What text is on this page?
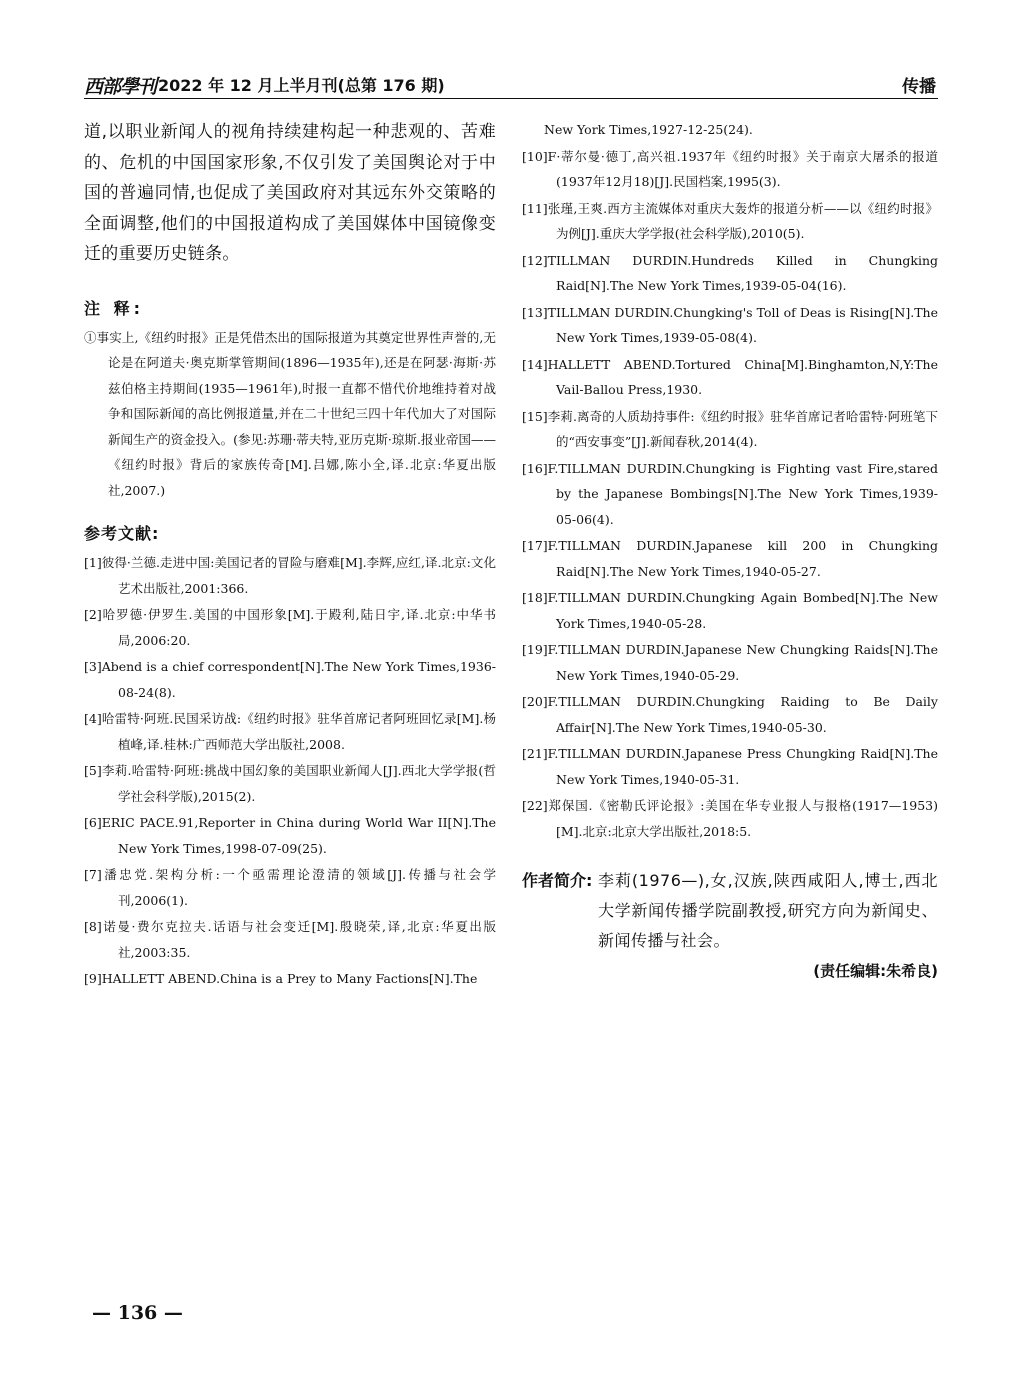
西部學刊 2022 年 12 月上半月刊(总第 176 期)	传播

道,以职业新闻人的视角持续建构起一种悲观的、苦难的、危机的中国国家形象,不仅引发了美国舆论对于中国的普遍同情,也促成了美国政府对其远东外交策略的全面调整,他们的中国报道构成了美国媒体中国镜像变迁的重要历史链条。

注 释:

①事实上,《纽约时报》正是凭借杰出的国际报道为其奠定世界性声誉的,无论是在阿道夫·奥克斯掌管期间(1896—1935年),还是在阿瑟·海斯·苏兹伯格主持期间(1935—1961年),时报一直都不惜代价地维持着对战争和国际新闻的高比例报道量,并在二十世纪三四十年代加大了对国际新闻生产的资金投入。(参见:苏珊·蒂夫特,亚历克斯·琼斯.报业帝国——《纽约时报》背后的家族传奇[M].吕娜,陈小全,译.北京:华夏出版社,2007.)

参考文献:
[1]彼得·兰德.走进中国:美国记者的冒险与磨难[M].李辉,应红,译.北京:文化艺术出版社,2001:366.
[2]哈罗德·伊罗生.美国的中国形象[M].于殿利,陆日宇,译.北京:中华书局,2006:20.
[3]Abend is a chief correspondent[N].The New York Times,1936-08-24(8).
[4]哈雷特·阿班.民国采访战:《纽约时报》驻华首席记者阿班回忆录[M].杨植峰,译.桂林:广西师范大学出版社,2008.
[5]李莉.哈雷特·阿班:挑战中国幻象的美国职业新闻人[J].西北大学学报(哲学社会科学版),2015(2).
[6]ERIC PACE.91,Reporter in China during World War II[N].The New York Times,1998-07-09(25).
[7]潘忠党.架构分析:一个亟需理论澄清的领域[J].传播与社会学刊,2006(1).
[8]诺曼·费尔克拉夫.话语与社会变迁[M].殷晓荣,译,北京:华夏出版社,2003:35.
[9]HALLETT ABEND.China is a Prey to Many Factions[N].The
New York Times,1927-12-25(24).
[10]F·蒂尔曼·德丁,高兴祖.1937年《纽约时报》关于南京大屠杀的报道(1937年12月18)[J].民国档案,1995(3).
[11]张瑾,王爽.西方主流媒体对重庆大轰炸的报道分析——以《纽约时报》为例[J].重庆大学学报(社会科学版),2010(5).
[12]TILLMAN DURDIN.Hundreds Killed in Chungking Raid[N].The New York Times,1939-05-04(16).
[13]TILLMAN DURDIN.Chungking's Toll of Deas is Rising[N].The New York Times,1939-05-08(4).
[14]HALLETT ABEND.Tortured China[M].Binghamton,N,Y:The Vail-Ballou Press,1930.
[15]李莉.离奇的人质劫持事件:《纽约时报》驻华首席记者哈雷特·阿班笔下的“西安事变”[J].新闻春秋,2014(4).
[16]F.TILLMAN DURDIN.Chungking is Fighting vast Fire,stared by the Japanese Bombings[N].The New York Times,1939-05-06(4).
[17]F.TILLMAN DURDIN.Japanese kill 200 in Chungking Raid[N].The New York Times,1940-05-27.
[18]F.TILLMAN DURDIN.Chungking Again Bombed[N].The New York Times,1940-05-28.
[19]F.TILLMAN DURDIN.Japanese New Chungking Raids[N].The New York Times,1940-05-29.
[20]F.TILLMAN DURDIN.Chungking Raiding to Be Daily Affair[N].The New York Times,1940-05-30.
[21]F.TILLMAN DURDIN.Japanese Press Chungking Raid[N].The New York Times,1940-05-31.
[22]郑保国.《密勒氏评论报》:美国在华专业报人与报格(1917—1953)[M].北京:北京大学出版社,2018:5.
作者简介: 李莉(1976—),女,汉族,陕西咸阳人,博士,西北大学新闻传播学院副教授,研究方向为新闻史、新闻传播与社会。
(责任编辑:朱希良)
— 136 —
